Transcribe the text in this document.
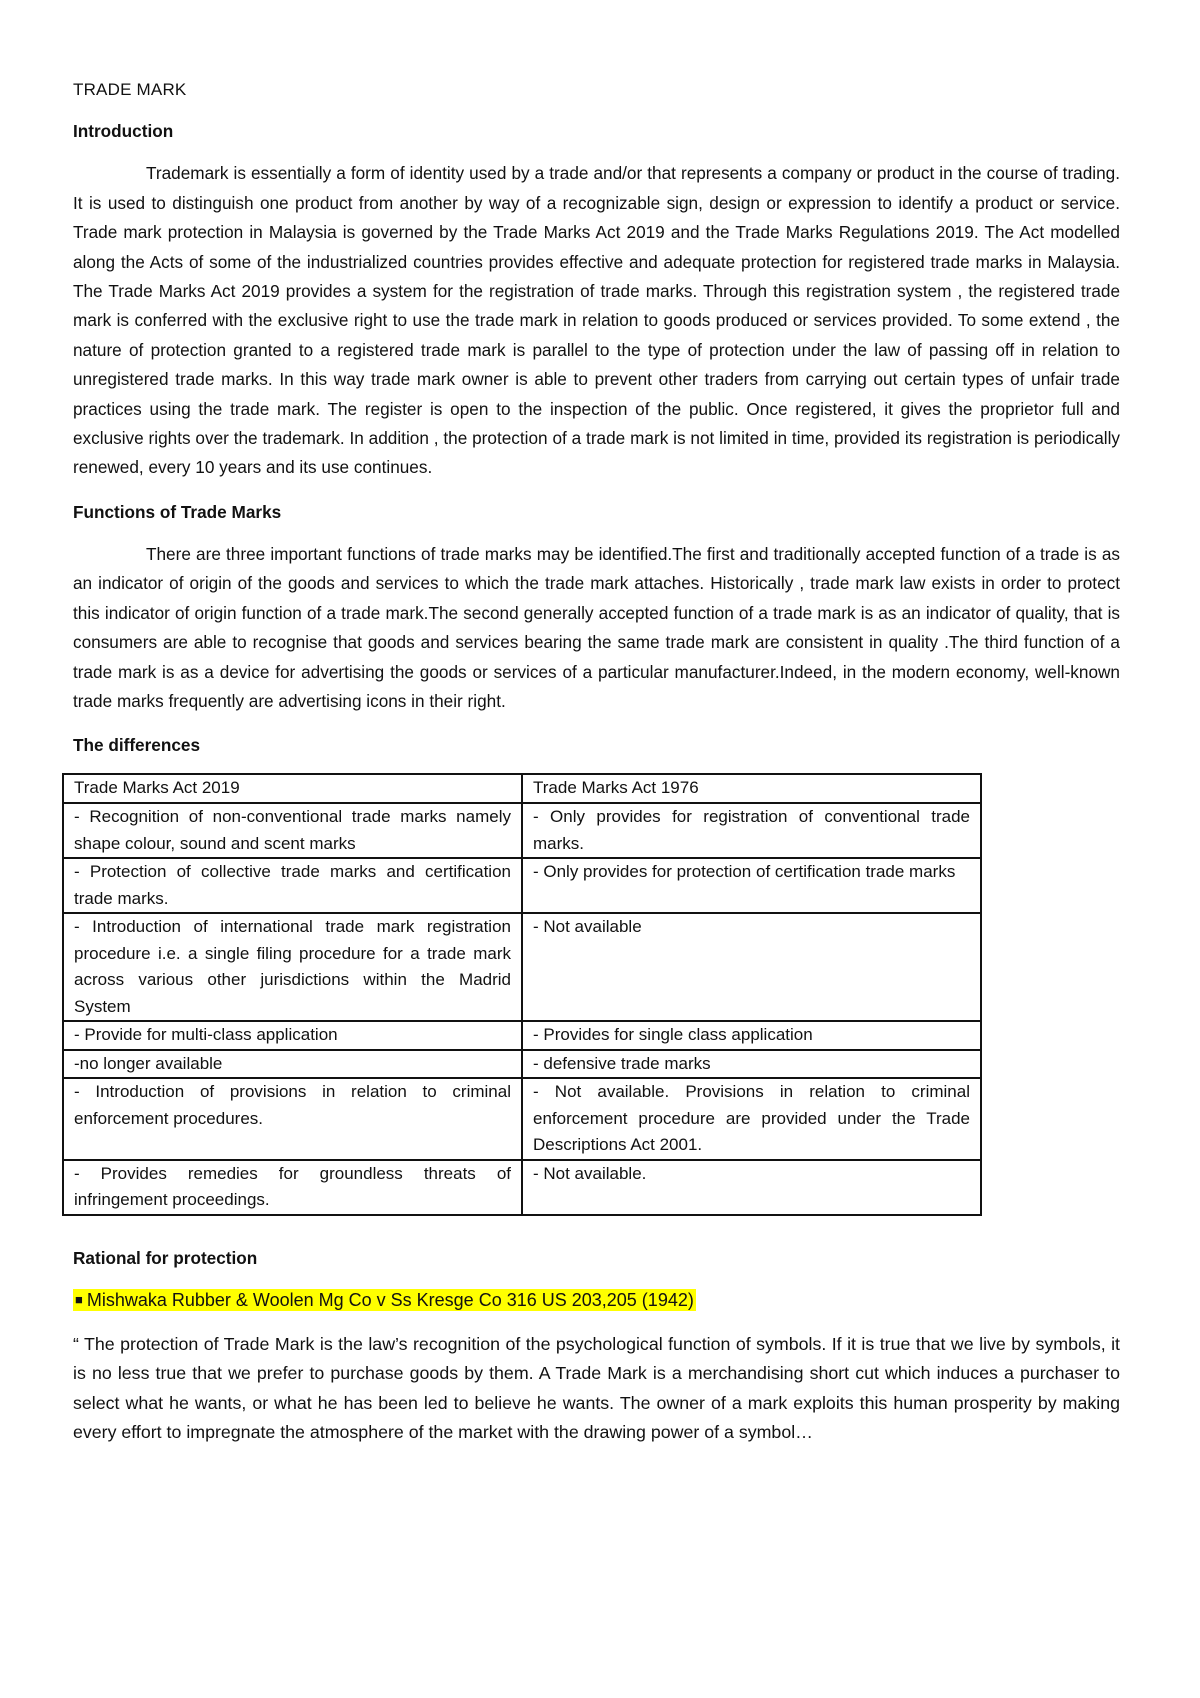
TRADE MARK
Introduction

Trademark is essentially a form of identity used by a trade and/or that represents a company or product in the course of trading. It is used to distinguish one product from another by way of a recognizable sign, design or expression to identify a product or service. Trade mark protection in Malaysia is governed by the Trade Marks Act 2019 and the Trade Marks Regulations 2019. The Act modelled along the Acts of some of the industrialized countries provides effective and adequate protection for registered trade marks in Malaysia. The Trade Marks Act 2019 provides a system for the registration of trade marks. Through this registration system , the registered trade mark is conferred with the exclusive right to use the trade mark in relation to goods produced or services provided. To some extend , the nature of protection granted to a registered trade mark is parallel to the type of protection under the law of passing off in relation to unregistered trade marks. In this way trade mark owner is able to prevent other traders from carrying out certain types of unfair trade practices using the trade mark. The register is open to the inspection of the public. Once registered, it gives the proprietor full and exclusive rights over the trademark. In addition , the protection of a trade mark is not limited in time, provided its registration is periodically renewed, every 10 years and its use continues.

Functions of Trade Marks

There are three important functions of trade marks may be identified.The first and traditionally accepted function of a trade is as an indicator of origin of the goods and services to which the trade mark attaches. Historically , trade mark law exists in order to protect this indicator of origin function of a trade mark.The second generally accepted function of a trade mark is as an indicator of quality, that is consumers are able to recognise that goods and services bearing the same trade mark are consistent in quality .The third function of a trade mark is as a device for advertising the goods or services of a particular manufacturer.Indeed, in the modern economy, well-known trade marks frequently are advertising icons in their right.

The differences
Trade Marks Act 2019	Trade Marks Act 1976
- Recognition of non-conventional trade marks namely shape colour, sound and scent marks	- Only provides for registration of conventional trade marks.
- Protection of collective trade marks and certification trade marks.	- Only provides for protection of certification trade marks
- Introduction of international trade mark registration procedure i.e. a single filing procedure for a trade mark across various other jurisdictions within the Madrid System	- Not available
- Provide for multi-class application	- Provides for single class application
-no longer available	- defensive trade marks
- Introduction of provisions in relation to criminal enforcement procedures.	- Not available. Provisions in relation to criminal enforcement procedure are provided under the Trade Descriptions Act 2001.
- Provides remedies for groundless threats of infringement proceedings.	- Not available.
Rational for protection
■ Mishwaka Rubber & Woolen Mg Co v Ss Kresge Co 316 US 203,205 (1942)

“ The protection of Trade Mark is the law’s recognition of the psychological function of symbols. If it is true that we live by symbols, it is no less true that we prefer to purchase goods by them. A Trade Mark is a merchandising short cut which induces a purchaser to select what he wants, or what he has been led to believe he wants. The owner of a mark exploits this human prosperity by making every effort to impregnate the atmosphere of the market with the drawing power of a symbol…
